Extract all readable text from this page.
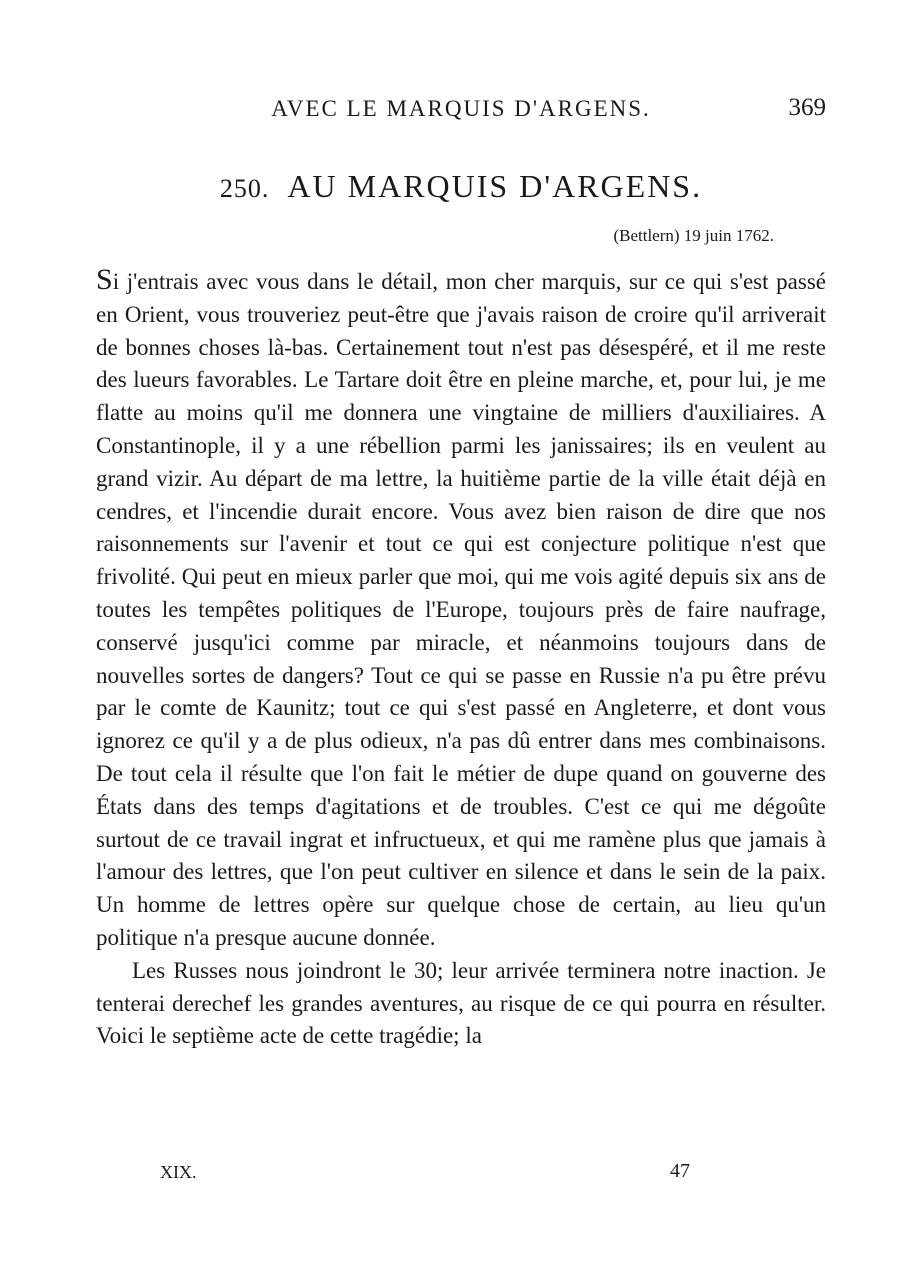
AVEC LE MARQUIS D'ARGENS.	369
250. AU MARQUIS D'ARGENS.
(Bettlern) 19 juin 1762.

Si j'entrais avec vous dans le détail, mon cher marquis, sur ce qui s'est passé en Orient, vous trouveriez peut-être que j'avais raison de croire qu'il arriverait de bonnes choses là-bas. Certainement tout n'est pas désespéré, et il me reste des lueurs favorables. Le Tartare doit être en pleine marche, et, pour lui, je me flatte au moins qu'il me donnera une vingtaine de milliers d'auxiliaires. A Constantinople, il y a une rébellion parmi les janissaires; ils en veulent au grand vizir. Au départ de ma lettre, la huitième partie de la ville était déjà en cendres, et l'incendie durait encore. Vous avez bien raison de dire que nos raisonnements sur l'avenir et tout ce qui est conjecture politique n'est que frivolité. Qui peut en mieux parler que moi, qui me vois agité depuis six ans de toutes les tempêtes politiques de l'Europe, toujours près de faire naufrage, conservé jusqu'ici comme par miracle, et néanmoins toujours dans de nouvelles sortes de dangers? Tout ce qui se passe en Russie n'a pu être prévu par le comte de Kaunitz; tout ce qui s'est passé en Angleterre, et dont vous ignorez ce qu'il y a de plus odieux, n'a pas dû entrer dans mes combinaisons. De tout cela il résulte que l'on fait le métier de dupe quand on gouverne des États dans des temps d'agitations et de troubles. C'est ce qui me dégoûte surtout de ce travail ingrat et infructueux, et qui me ramène plus que jamais à l'amour des lettres, que l'on peut cultiver en silence et dans le sein de la paix. Un homme de lettres opère sur quelque chose de certain, au lieu qu'un politique n'a presque aucune donnée.

Les Russes nous joindront le 30; leur arrivée terminera notre inaction. Je tenterai derechef les grandes aventures, au risque de ce qui pourra en résulter. Voici le septième acte de cette tragédie; la

XIX.	47
